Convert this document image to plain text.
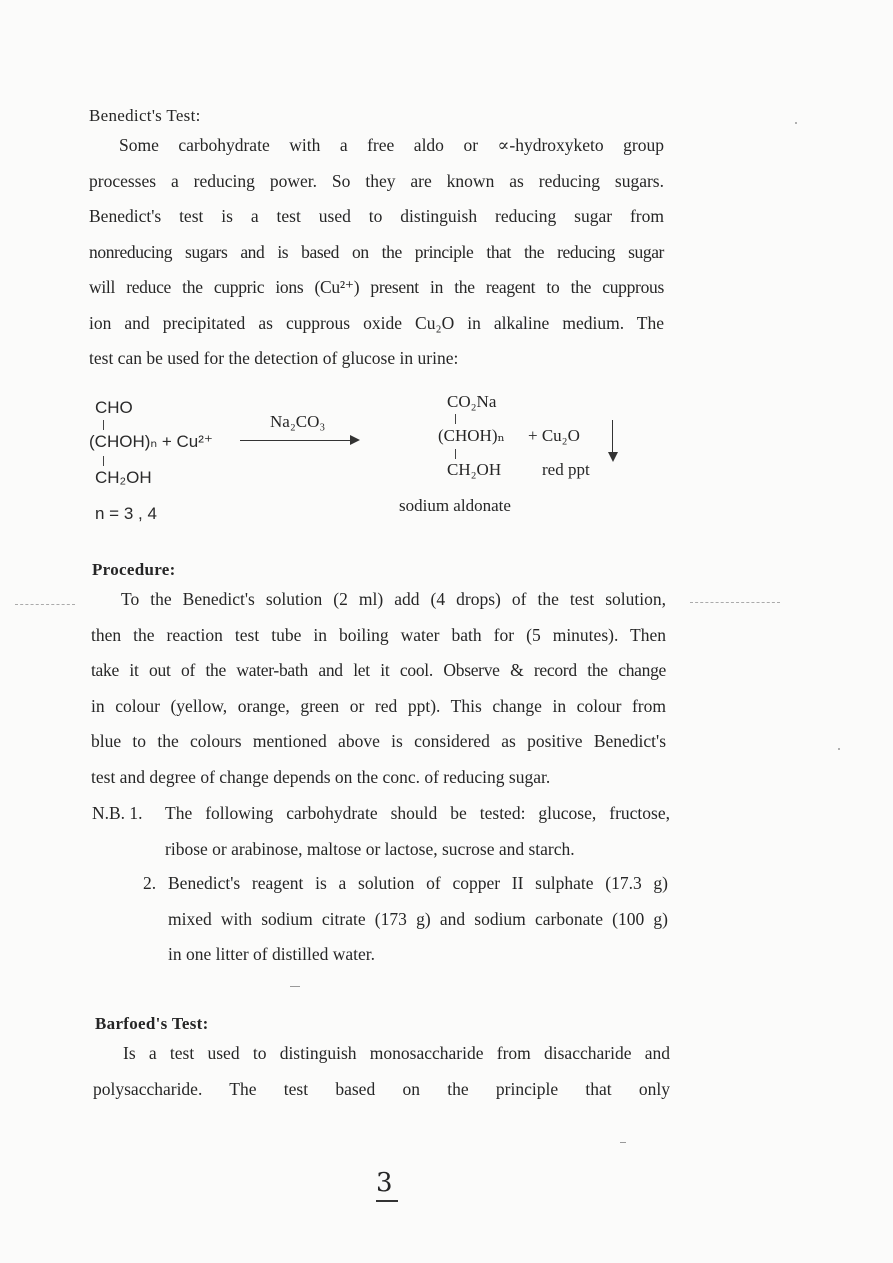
Benedict's Test:
Some carbohydrate with a free aldo or ∝-hydroxyketo group
processes a reducing power. So they are known as reducing sugars.
Benedict's test is a test used to distinguish reducing sugar from
nonreducing sugars and is based on the principle that the reducing sugar
will reduce the cuppric ions (Cu²⁺) present in the reagent to the cupprous
ion and precipitated as cupprous oxide Cu₂O in alkaline medium. The
test can be used for the detection of glucose in urine:
CHO
(CHOH)ₙ + Cu²⁺
CH₂OH
n = 3 , 4
Na₂CO₃
CO₂Na
(CHOH)ₙ + Cu₂O
CH₂OH red ppt
sodium aldonate
Procedure:
To the Benedict's solution (2 ml) add (4 drops) of the test solution,
then the reaction test tube in boiling water bath for (5 minutes). Then
take it out of the water-bath and let it cool. Observe & record the change
in colour (yellow, orange, green or red ppt). This change in colour from
blue to the colours mentioned above is considered as positive Benedict's
test and degree of change depends on the conc. of reducing sugar.
N.B. 1. The following carbohydrate should be tested: glucose, fructose,
ribose or arabinose, maltose or lactose, sucrose and starch.
2. Benedict's reagent is a solution of copper II sulphate (17.3 g)
mixed with sodium citrate (173 g) and sodium carbonate (100 g)
in one litter of distilled water.
Barfoed's Test:
Is a test used to distinguish monosaccharide from disaccharide and
polysaccharide. The test based on the principle that only
3
